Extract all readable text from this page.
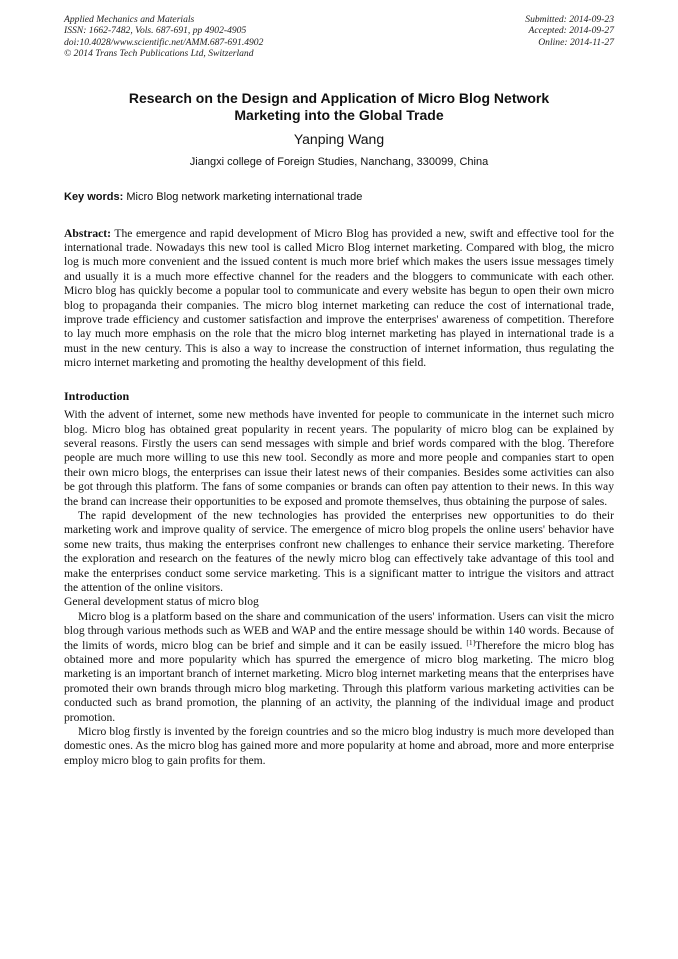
Applied Mechanics and Materials
ISSN: 1662-7482, Vols. 687-691, pp 4902-4905
doi:10.4028/www.scientific.net/AMM.687-691.4902
© 2014 Trans Tech Publications Ltd, Switzerland
Submitted: 2014-09-23
Accepted: 2014-09-27
Online: 2014-11-27
Research on the Design and Application of Micro Blog Network
Marketing into the Global Trade
Yanping Wang
Jiangxi college of Foreign Studies, Nanchang, 330099, China
Key words: Micro Blog network marketing international trade

Abstract: The emergence and rapid development of Micro Blog has provided a new, swift and effective tool for the international trade. Nowadays this new tool is called Micro Blog internet marketing. Compared with blog, the micro log is much more convenient and the issued content is much more brief which makes the users issue messages timely and usually it is a much more effective channel for the readers and the bloggers to communicate with each other. Micro blog has quickly become a popular tool to communicate and every website has begun to open their own micro blog to propaganda their companies. The micro blog internet marketing can reduce the cost of international trade, improve trade efficiency and customer satisfaction and improve the enterprises' awareness of competition. Therefore to lay much more emphasis on the role that the micro blog internet marketing has played in international trade is a must in the new century. This is also a way to increase the construction of internet information, thus regulating the micro internet marketing and promoting the healthy development of this field.

Introduction

With the advent of internet, some new methods have invented for people to communicate in the internet such micro blog. Micro blog has obtained great popularity in recent years. The popularity of micro blog can be explained by several reasons. Firstly the users can send messages with simple and brief words compared with the blog. Therefore people are much more willing to use this new tool. Secondly as more and more people and companies start to open their own micro blogs, the enterprises can issue their latest news of their companies. Besides some activities can also be got through this platform. The fans of some companies or brands can often pay attention to their news. In this way the brand can increase their opportunities to be exposed and promote themselves, thus obtaining the purpose of sales.

The rapid development of the new technologies has provided the enterprises new opportunities to do their marketing work and improve quality of service. The emergence of micro blog propels the online users' behavior have some new traits, thus making the enterprises confront new challenges to enhance their service marketing. Therefore the exploration and research on the features of the newly micro blog can effectively take advantage of this tool and make the enterprises conduct some service marketing. This is a significant matter to intrigue the visitors and attract the attention of the online visitors.

General development status of micro blog

Micro blog is a platform based on the share and communication of the users' information. Users can visit the micro blog through various methods such as WEB and WAP and the entire message should be within 140 words. Because of the limits of words, micro blog can be brief and simple and it can be easily issued. [1]Therefore the micro blog has obtained more and more popularity which has spurred the emergence of micro blog marketing. The micro blog marketing is an important branch of internet marketing. Micro blog internet marketing means that the enterprises have promoted their own brands through micro blog marketing. Through this platform various marketing activities can be conducted such as brand promotion, the planning of an activity, the planning of the individual image and product promotion.

Micro blog firstly is invented by the foreign countries and so the micro blog industry is much more developed than domestic ones. As the micro blog has gained more and more popularity at home and abroad, more and more enterprise employ micro blog to gain profits for them.
